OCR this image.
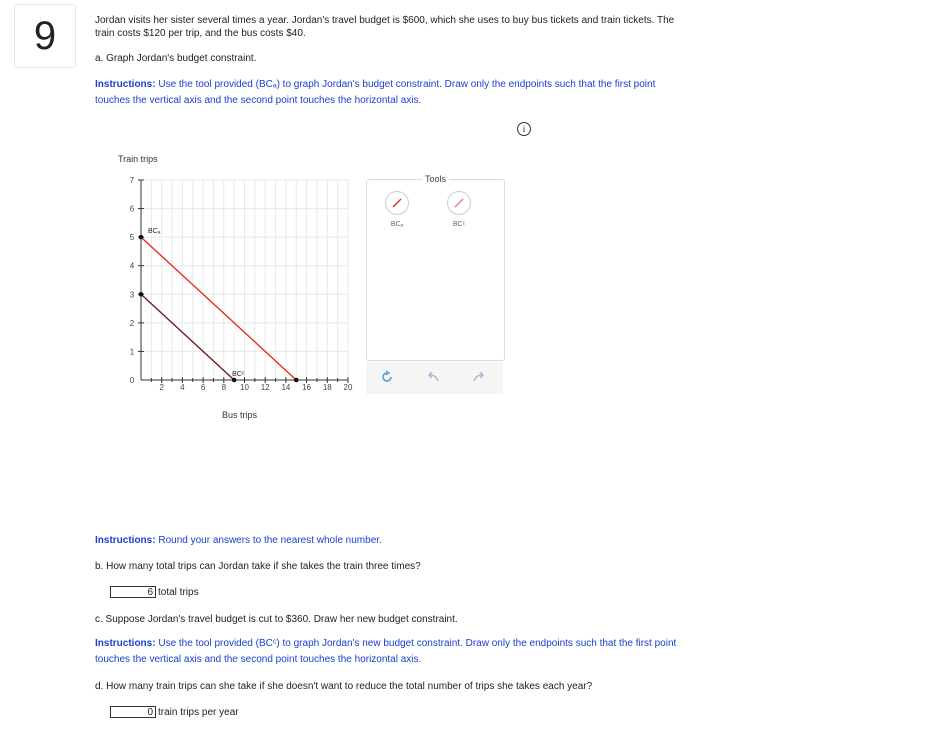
9	Jordan visits her sister several times a year. Jordan's travel budget is $600, which she uses to buy bus tickets and train tickets. The
train costs $120 per trip, and the bus costs $40.
a. Graph Jordan's budget constraint.
Instructions: Use the tool provided (BCₐ) to graph Jordan's budget constraint. Draw only the endpoints such that the first point
touches the vertical axis and the second point touches the horizontal axis.
i
0
1
2
3
4
5
6
7
2 4 6 8 10 12 14 16 18 20
BCₐ
BCᶜ
Train trips
Bus trips
Tools
BCₐ	BCᶜ
Instructions: Round your answers to the nearest whole number.
b. How many total trips can Jordan take if she takes the train three times?
6 total trips
c. Suppose Jordan's travel budget is cut to $360. Draw her new budget constraint.
Instructions: Use the tool provided (BCᶜ) to graph Jordan's new budget constraint. Draw only the endpoints such that the first point
touches the vertical axis and the second point touches the horizontal axis.
d. How many train trips can she take if she doesn't want to reduce the total number of trips she takes each year?
0 train trips per year
